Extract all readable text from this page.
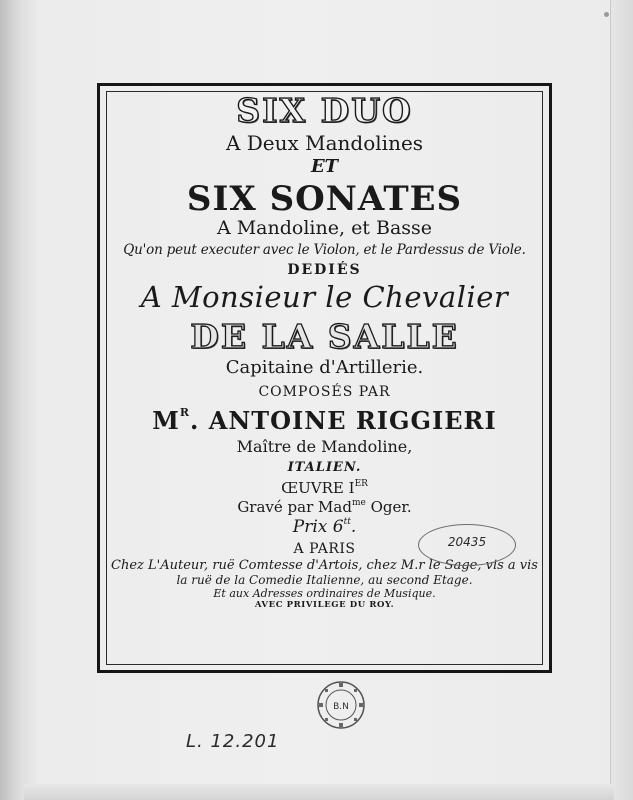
SIX DUO
A Deux Mandolines
ET
SIX SONATES
A Mandoline, et Basse
Qu'on peut executer avec le Violon, et le Pardessus de Viole.
DEDIÉS
A Monsieur le Chevalier
DE LA SALLE
Capitaine d'Artillerie.
COMPOSÉS PAR
$M^R$. ANTOINE RIGGIERI
Maître de Mandoline,
ITALIEN.
ŒUVRE IER
Gravé par Mad$^{me}$ Oger.
Prix $6^{tt}$.
A PARIS
Chez L'Auteur, ruë Comtesse d'Artois, chez M.r le Sage, vis a vis
la ruë de la Comedie Italienne, au second Etage.
Et aux Adresses ordinaires de Musique.
AVEC PRIVILEGE DU ROY.
20435
B.N
L. 12.201
